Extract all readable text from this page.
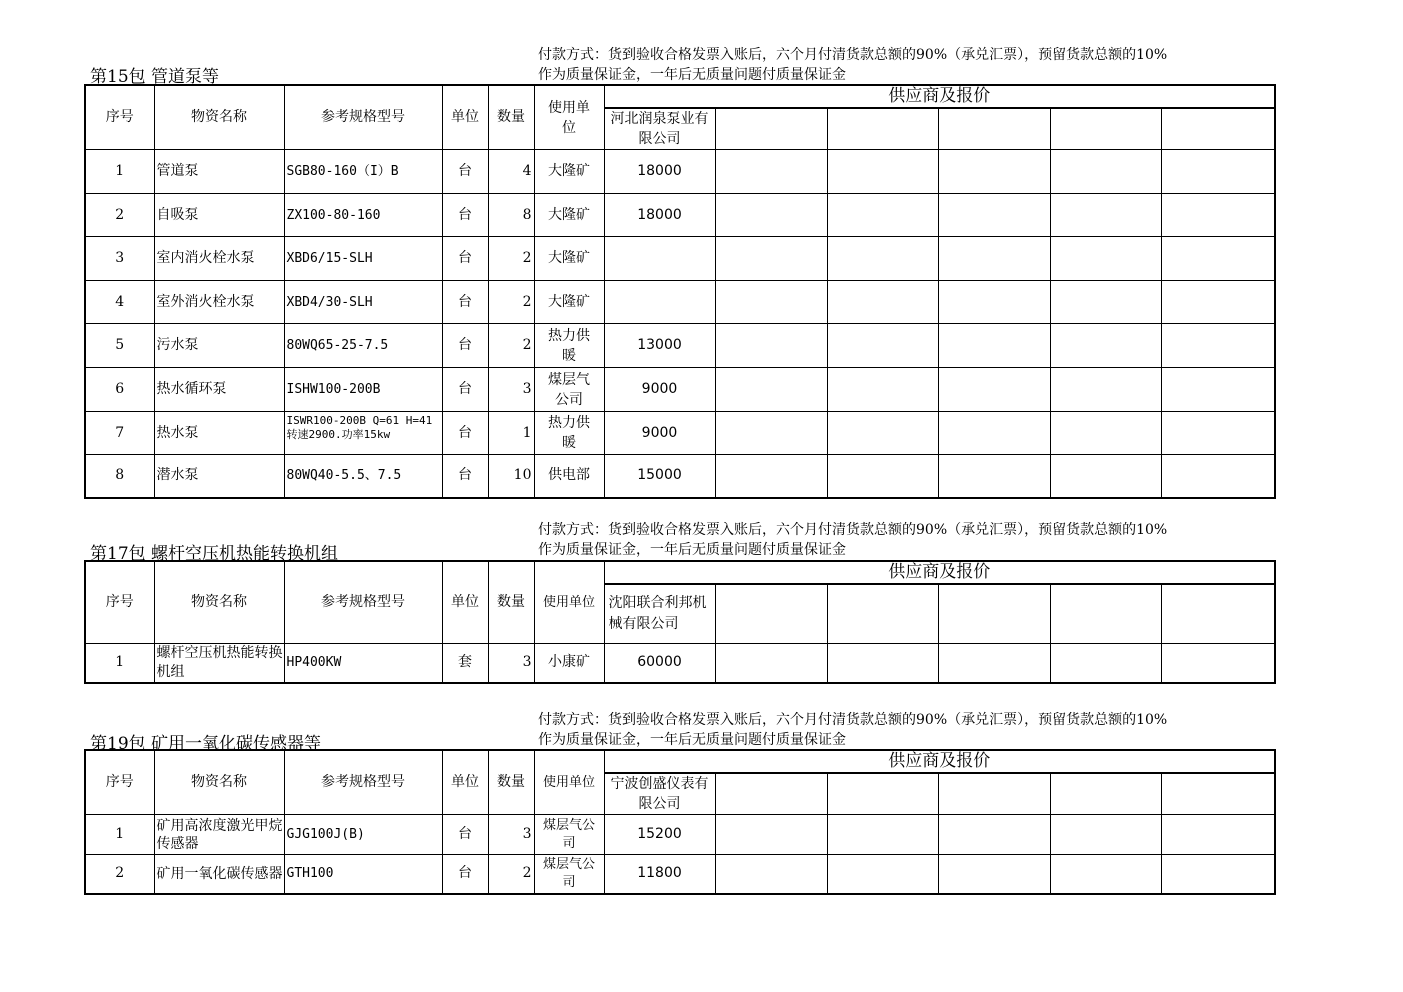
第15包 管道泵等
付款方式：货到验收合格发票入账后，六个月付清货款总额的90%（承兑汇票），预留货款总额的10%
作为质量保证金，一年后无质量问题付质量保证金
序号	物资名称	参考规格型号	单位	数量	使用单位	供应商及报价					
						河北润泉泵业有限公司					
1	管道泵	SGB80-160（I）B	台	4	大隆矿	18000					
2	自吸泵	ZX100-80-160	台	8	大隆矿	18000					
3	室内消火栓水泵	XBD6/15-SLH	台	2	大隆矿						
4	室外消火栓水泵	XBD4/30-SLH	台	2	大隆矿						
5	污水泵	80WQ65-25-7.5	台	2	热力供暖	13000					
6	热水循环泵	ISHW100-200B	台	3	煤层气公司	9000					
7	热水泵	ISWR100-200B Q=61 H=41 转速2900.功率15kw	台	1	热力供暖	9000					
8	潜水泵	80WQ40-5.5、7.5	台	10	供电部	15000					
第17包 螺杆空压机热能转换机组
付款方式：货到验收合格发票入账后，六个月付清货款总额的90%（承兑汇票），预留货款总额的10%
作为质量保证金，一年后无质量问题付质量保证金
序号	物资名称	参考规格型号	单位	数量	使用单位	供应商及报价					
						沈阳联合利邦机械有限公司					
1	螺杆空压机热能转换机组	HP400KW	套	3	小康矿	60000					
第19包 矿用一氧化碳传感器等
付款方式：货到验收合格发票入账后，六个月付清货款总额的90%（承兑汇票），预留货款总额的10%
作为质量保证金，一年后无质量问题付质量保证金
序号	物资名称	参考规格型号	单位	数量	使用单位	供应商及报价					
						宁波创盛仪表有限公司					
1	矿用高浓度激光甲烷传感器	GJG100J(B)	台	3	煤层气公司	15200					
2	矿用一氧化碳传感器	GTH100	台	2	煤层气公司	11800					
